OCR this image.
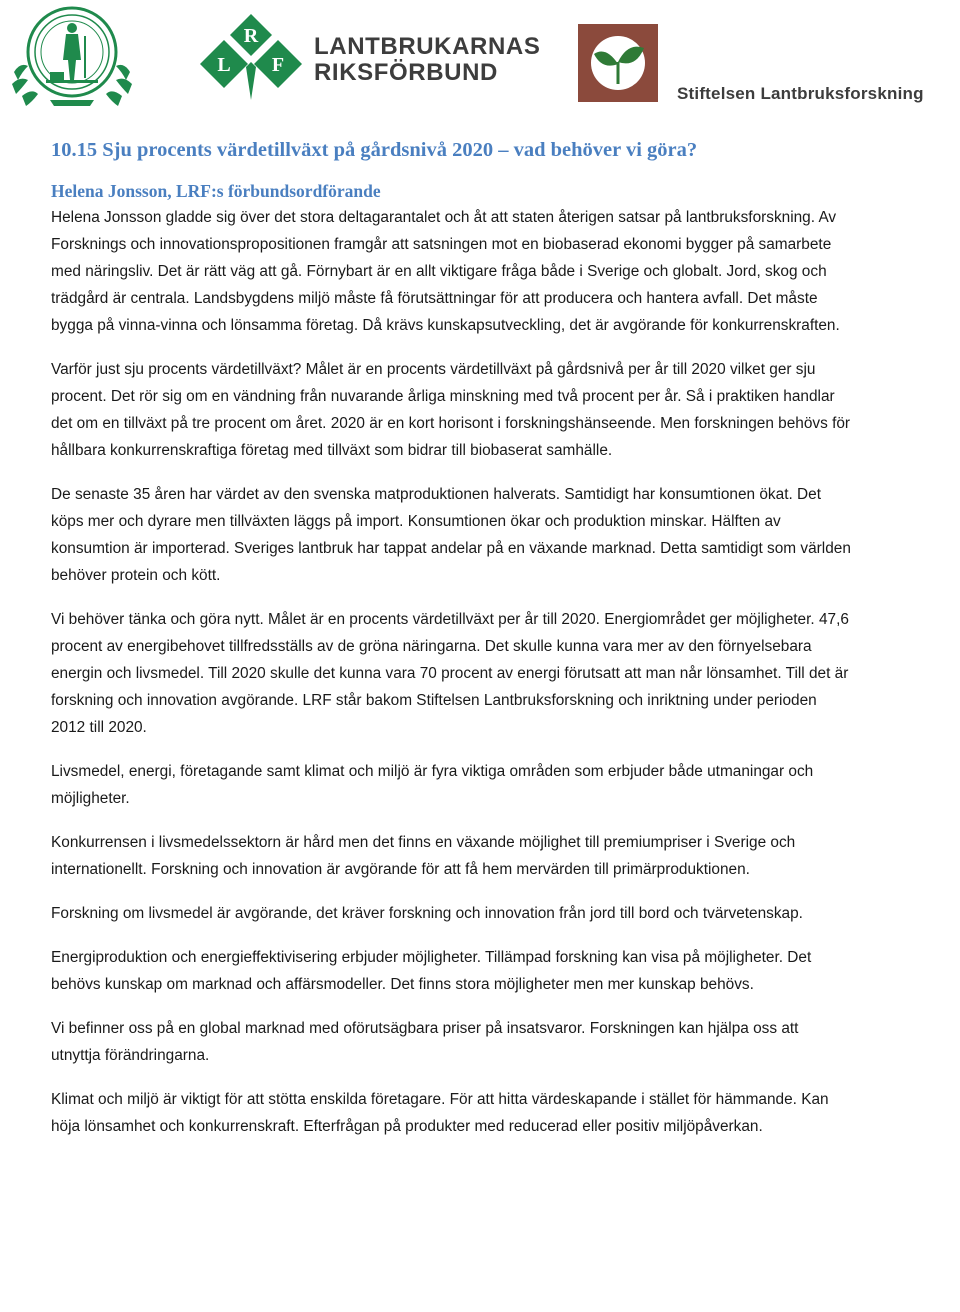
R
L F
LANTBRUKARNAS
RIKSFÖRBUND
Stiftelsen Lantbruksforskning
10.15 Sju procents värdetillväxt på gårdsnivå 2020 – vad behöver vi göra?

Helena Jonsson, LRF:s förbundsordförande

Helena Jonsson gladde sig över det stora deltagarantalet och åt att staten återigen satsar på lantbruksforskning. Av Forsknings och innovationspropositionen framgår att satsningen mot en biobaserad ekonomi bygger på samarbete med näringsliv. Det är rätt väg att gå. Förnybart är en allt viktigare fråga både i Sverige och globalt. Jord, skog och trädgård är centrala. Landsbygdens miljö måste få förutsättningar för att producera och hantera avfall. Det måste bygga på vinna-vinna och lönsamma företag. Då krävs kunskapsutveckling, det är avgörande för konkurrenskraften.

Varför just sju procents värdetillväxt? Målet är en procents värdetillväxt på gårdsnivå per år till 2020 vilket ger sju procent. Det rör sig om en vändning från nuvarande årliga minskning med två procent per år. Så i praktiken handlar det om en tillväxt på tre procent om året. 2020 är en kort horisont i forskningshänseende. Men forskningen behövs för hållbara konkurrenskraftiga företag med tillväxt som bidrar till biobaserat samhälle.

De senaste 35 åren har värdet av den svenska matproduktionen halverats. Samtidigt har konsumtionen ökat. Det köps mer och dyrare men tillväxten läggs på import. Konsumtionen ökar och produktion minskar. Hälften av konsumtion är importerad. Sveriges lantbruk har tappat andelar på en växande marknad. Detta samtidigt som världen behöver protein och kött.

Vi behöver tänka och göra nytt. Målet är en procents värdetillväxt per år till 2020. Energiområdet ger möjligheter. 47,6 procent av energibehovet tillfredsställs av de gröna näringarna. Det skulle kunna vara mer av den förnyelsebara energin och livsmedel. Till 2020 skulle det kunna vara 70 procent av energi förutsatt att man når lönsamhet. Till det är forskning och innovation avgörande. LRF står bakom Stiftelsen Lantbruksforskning och inriktning under perioden 2012 till 2020.

Livsmedel, energi, företagande samt klimat och miljö är fyra viktiga områden som erbjuder både utmaningar och möjligheter.

Konkurrensen i livsmedelssektorn är hård men det finns en växande möjlighet till premiumpriser i Sverige och internationellt. Forskning och innovation är avgörande för att få hem mervärden till primärproduktionen.

Forskning om livsmedel är avgörande, det kräver forskning och innovation från jord till bord och tvärvetenskap.

Energiproduktion och energieffektivisering erbjuder möjligheter. Tillämpad forskning kan visa på möjligheter. Det behövs kunskap om marknad och affärsmodeller. Det finns stora möjligheter men mer kunskap behövs.

Vi befinner oss på en global marknad med oförutsägbara priser på insatsvaror. Forskningen kan hjälpa oss att utnyttja förändringarna.

Klimat och miljö är viktigt för att stötta enskilda företagare. För att hitta värdeskapande i stället för hämmande. Kan höja lönsamhet och konkurrenskraft. Efterfrågan på produkter med reducerad eller positiv miljöpåverkan.
